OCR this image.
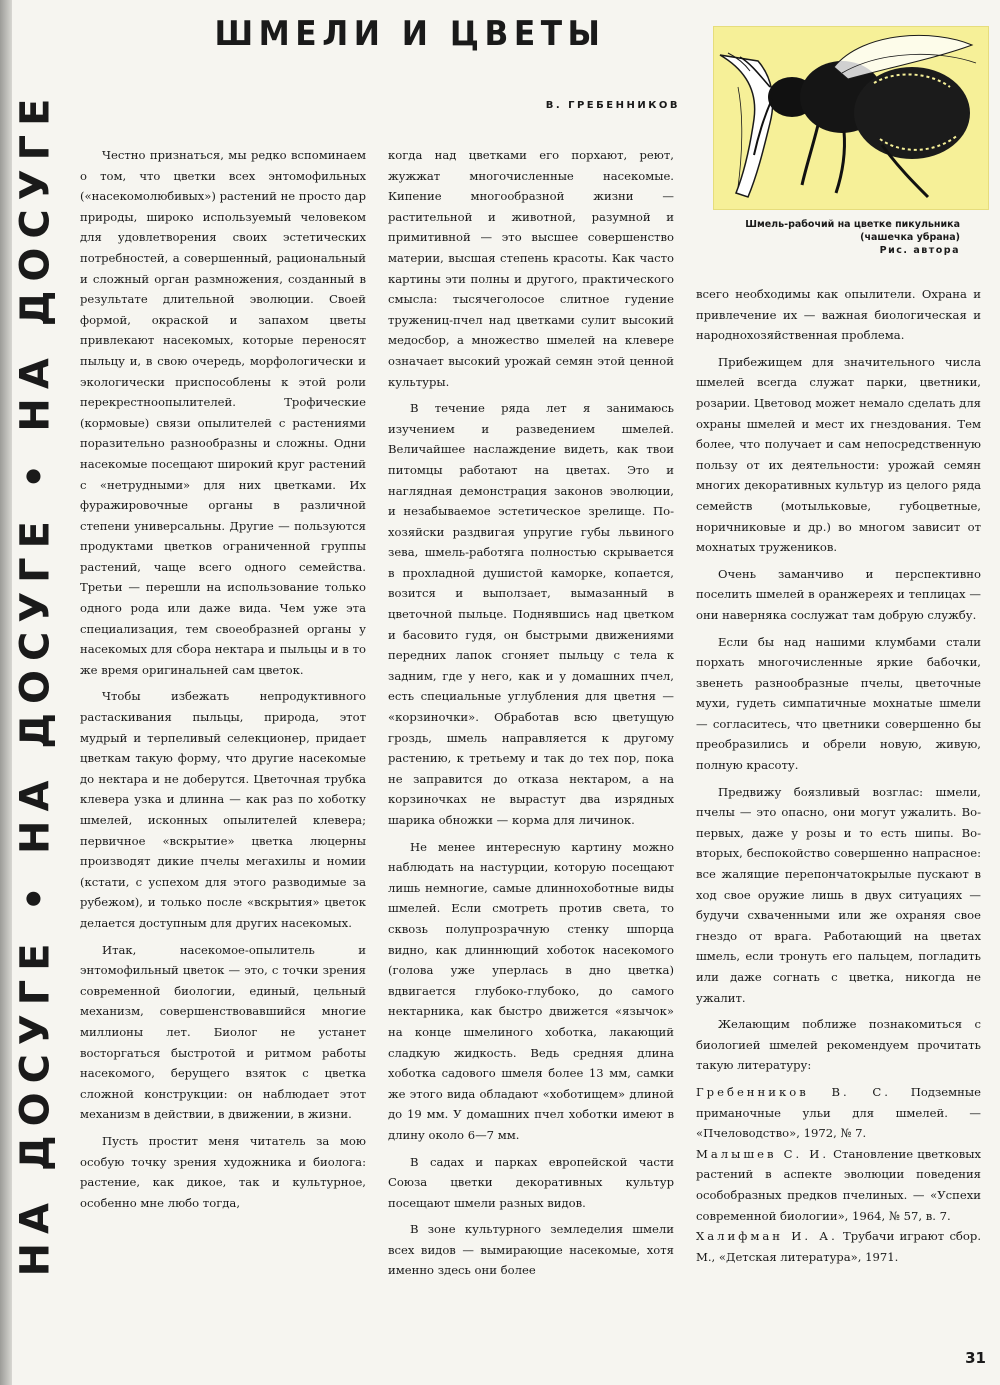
НА ДОСУГЕ • НА ДОСУГЕ • НА ДОСУГЕ
ШМЕЛИ И ЦВЕТЫ
В. ГРЕБЕННИКОВ
Шмель-рабочий на цветке пикульника
(чашечка убрана)
Рис. автора

Честно признаться, мы редко вспоминаем о том, что цветки всех энтомофильных («насекомолюбивых») растений не просто дар природы, широко используемый человеком для удовлетворения своих эстетических потребностей, а совершенный, рациональный и сложный орган размножения, созданный в результате длительной эволюции. Своей формой, окраской и запахом цветы привлекают насекомых, которые переносят пыльцу и, в свою очередь, морфологически и экологически приспособлены к этой роли перекрестноопылителей. Трофические (кормовые) связи опылителей с растениями поразительно разнообразны и сложны. Одни насекомые посещают широкий круг растений с «нетрудными» для них цветками. Их фуражировочные органы в различной степени универсальны. Другие — пользуются продуктами цветков ограниченной группы растений, чаще всего одного семейства. Третьи — перешли на использование только одного рода или даже вида. Чем уже эта специализация, тем своеобразней органы у насекомых для сбора нектара и пыльцы и в то же время оригинальней сам цветок.

Чтобы избежать непродуктивного растаскивания пыльцы, природа, этот мудрый и терпеливый селекционер, придает цветкам такую форму, что другие насекомые до нектара и не доберутся. Цветочная трубка клевера узка и длинна — как раз по хоботку шмелей, исконных опылителей клевера; первичное «вскрытие» цветка люцерны производят дикие пчелы мегахилы и номии (кстати, с успехом для этого разводимые за рубежом), и только после «вскрытия» цветок делается доступным для других насекомых.

Итак, насекомое-опылитель и энтомофильный цветок — это, с точки зрения современной биологии, единый, цельный механизм, совершенствовавшийся многие миллионы лет. Биолог не устанет восторгаться быстротой и ритмом работы насекомого, берущего взяток с цветка сложной конструкции: он наблюдает этот механизм в действии, в движении, в жизни.

Пусть простит меня читатель за мою особую точку зрения художника и биолога: растение, как дикое, так и культурное, особенно мне любо тогда,

когда над цветками его порхают, реют, жужжат многочисленные насекомые. Кипение многообразной жизни — растительной и животной, разумной и примитивной — это высшее совершенство материи, высшая степень красоты. Как часто картины эти полны и другого, практического смысла: тысячеголосое слитное гудение тружениц-пчел над цветками сулит высокий медосбор, а множество шмелей на клевере означает высокий урожай семян этой ценной культуры.

В течение ряда лет я занимаюсь изучением и разведением шмелей. Величайшее наслаждение видеть, как твои питомцы работают на цветах. Это и наглядная демонстрация законов эволюции, и незабываемое эстетическое зрелище. По-хозяйски раздвигая упругие губы львиного зева, шмель-работяга полностью скрывается в прохладной душистой каморке, копается, возится и выползает, вымазанный в цветочной пыльце. Поднявшись над цветком и басовито гудя, он быстрыми движениями передних лапок сгоняет пыльцу с тела к задним, где у него, как и у домашних пчел, есть специальные углубления для цветня — «корзиночки». Обработав всю цветущую гроздь, шмель направляется к другому растению, к третьему и так до тех пор, пока не заправится до отказа нектаром, а на корзиночках не вырастут два изрядных шарика обножки — корма для личинок.

Не менее интересную картину можно наблюдать на настурции, которую посещают лишь немногие, самые длиннохоботные виды шмелей. Если смотреть против света, то сквозь полупрозрачную стенку шпорца видно, как длиннющий хоботок насекомого (голова уже уперлась в дно цветка) вдвигается глубоко-глубоко, до самого нектарника, как быстро движется «язычок» на конце шмелиного хоботка, лакающий сладкую жидкость. Ведь средняя длина хоботка садового шмеля более 13 мм, самки же этого вида обладают «хоботищем» длиной до 19 мм. У домашних пчел хоботки имеют в длину около 6—7 мм.

В садах и парках европейской части Союза цветки декоративных культур посещают шмели разных видов.

В зоне культурного земледелия шмели всех видов — вымирающие насекомые, хотя именно здесь они более

всего необходимы как опылители. Охрана и привлечение их — важная биологическая и народнохозяйственная проблема.

Прибежищем для значительного числа шмелей всегда служат парки, цветники, розарии. Цветовод может немало сделать для охраны шмелей и мест их гнездования. Тем более, что получает и сам непосредственную пользу от их деятельности: урожай семян многих декоративных культур из целого ряда семейств (мотыльковые, губоцветные, норичниковые и др.) во многом зависит от мохнатых тружеников.

Очень заманчиво и перспективно поселить шмелей в оранжереях и теплицах — они наверняка сослужат там добрую службу.

Если бы над нашими клумбами стали порхать многочисленные яркие бабочки, звенеть разнообразные пчелы, цветочные мухи, гудеть симпатичные мохнатые шмели — согласитесь, что цветники совершенно бы преобразились и обрели новую, живую, полную красоту.

Предвижу боязливый возглас: шмели, пчелы — это опасно, они могут ужалить. Во-первых, даже у розы и то есть шипы. Во-вторых, беспокойство совершенно напрасное: все жалящие перепончатокрылые пускают в ход свое оружие лишь в двух ситуациях — будучи схваченными или же охраняя свое гнездо от врага. Работающий на цветах шмель, если тронуть его пальцем, погладить или даже согнать с цветка, никогда не ужалит.

Желающим поближе познакомиться с биологией шмелей рекомендуем прочитать такую литературу:

Гребенников В. С. Подземные приманочные ульи для шмелей. — «Пчеловодство», 1972, № 7.

Малышев С. И. Становление цветковых растений в аспекте эволюции поведения особобразных предков пчелиных. — «Успехи современной биологии», 1964, № 57, в. 7.

Халифман И. А. Трубачи играют сбор. М., «Детская литература», 1971.

31
